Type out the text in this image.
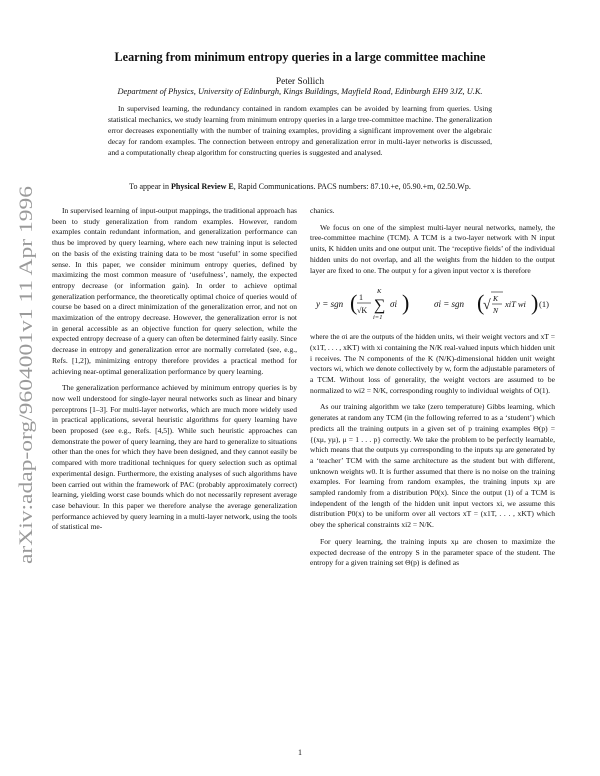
arXiv:adap-org/9604001v1 11 Apr 1996
Learning from minimum entropy queries in a large committee machine
Peter Sollich
Department of Physics, University of Edinburgh, Kings Buildings, Mayfield Road, Edinburgh EH9 3JZ, U.K.

In supervised learning, the redundancy contained in random examples can be avoided by learning from queries. Using statistical mechanics, we study learning from minimum entropy queries in a large tree-committee machine. The generalization error decreases exponentially with the number of training examples, providing a significant improvement over the algebraic decay for random examples. The connection between entropy and generalization error in multi-layer networks is discussed, and a computationally cheap algorithm for constructing queries is suggested and analysed.

To appear in Physical Review E, Rapid Communications. PACS numbers: 87.10.+e, 05.90.+m, 02.50.Wp.

In supervised learning of input-output mappings, the traditional approach has been to study generalization from random examples. However, random examples contain redundant information, and generalization performance can thus be improved by query learning, where each new training input is selected on the basis of the existing training data to be most ‘useful’ in some specified sense. In this paper, we consider minimum entropy queries, defined by maximizing the most common measure of ‘usefulness’, namely, the expected entropy decrease (or information gain). In order to achieve optimal generalization performance, the theoretically optimal choice of queries would of course be based on a direct minimization of the generalization error, and not on maximization of the entropy decrease. However, the generalization error is not in general accessible as an objective function for query selection, while the expected entropy decrease of a query can often be determined fairly easily. Since decrease in entropy and generalization error are normally correlated (see, e.g., Refs. [1,2]), minimizing entropy therefore provides a practical method for achieving near-optimal generalization performance by query learning.

The generalization performance achieved by minimum entropy queries is by now well understood for single-layer neural networks such as linear and binary perceptrons [1–3]. For multi-layer networks, which are much more widely used in practical applications, several heuristic algorithms for query learning have been proposed (see e.g., Refs. [4,5]). While such heuristic approaches can demonstrate the power of query learning, they are hard to generalize to situations other than the ones for which they have been designed, and they cannot easily be compared with more traditional techniques for query selection such as optimal experimental design. Furthermore, the existing analyses of such algorithms have been carried out within the framework of PAC (probably approximately correct) learning, yielding worst case bounds which do not necessarily represent average case behaviour. In this paper we therefore analyse the average generalization performance achieved by query learning in a multi-layer network, using the tools of statistical me-

chanics.

We focus on one of the simplest multi-layer neural networks, namely, the tree-committee machine (TCM). A TCM is a two-layer network with N input units, K hidden units and one output unit. The ‘receptive fields’ of the individual hidden units do not overlap, and all the weights from the hidden to the output layer are fixed to one. The output y for a given input vector x is therefore

y = sgn ( 1
√K
K
∑
i=1
σi )	σi = sgn (
√ K
N
xiT wi ) (1)

where the σi are the outputs of the hidden units, wi their weight vectors and xT = (x1T, . . . , xKT) with xi containing the N/K real-valued inputs which hidden unit i receives. The N components of the K (N/K)-dimensional hidden unit weight vectors wi, which we denote collectively by w, form the adjustable parameters of a TCM. Without loss of generality, the weight vectors are assumed to be normalized to wi2 = N/K, corresponding roughly to individual weights of O(1).

As our training algorithm we take (zero temperature) Gibbs learning, which generates at random any TCM (in the following referred to as a ‘student’) which predicts all the training outputs in a given set of p training examples Θ(p) = {(xμ, yμ), μ = 1 . . . p} correctly. We take the problem to be perfectly learnable, which means that the outputs yμ corresponding to the inputs xμ are generated by a ‘teacher’ TCM with the same architecture as the student but with different, unknown weights w0. It is further assumed that there is no noise on the training examples. For learning from random examples, the training inputs xμ are sampled randomly from a distribution P0(x). Since the output (1) of a TCM is independent of the length of the hidden unit input vectors xi, we assume this distribution P0(x) to be uniform over all vectors xT = (x1T, . . . , xKT) which obey the spherical constraints xi2 = N/K.

For query learning, the training inputs xμ are chosen to maximize the expected decrease of the entropy S in the parameter space of the student. The entropy for a given training set Θ(p) is defined as

1
